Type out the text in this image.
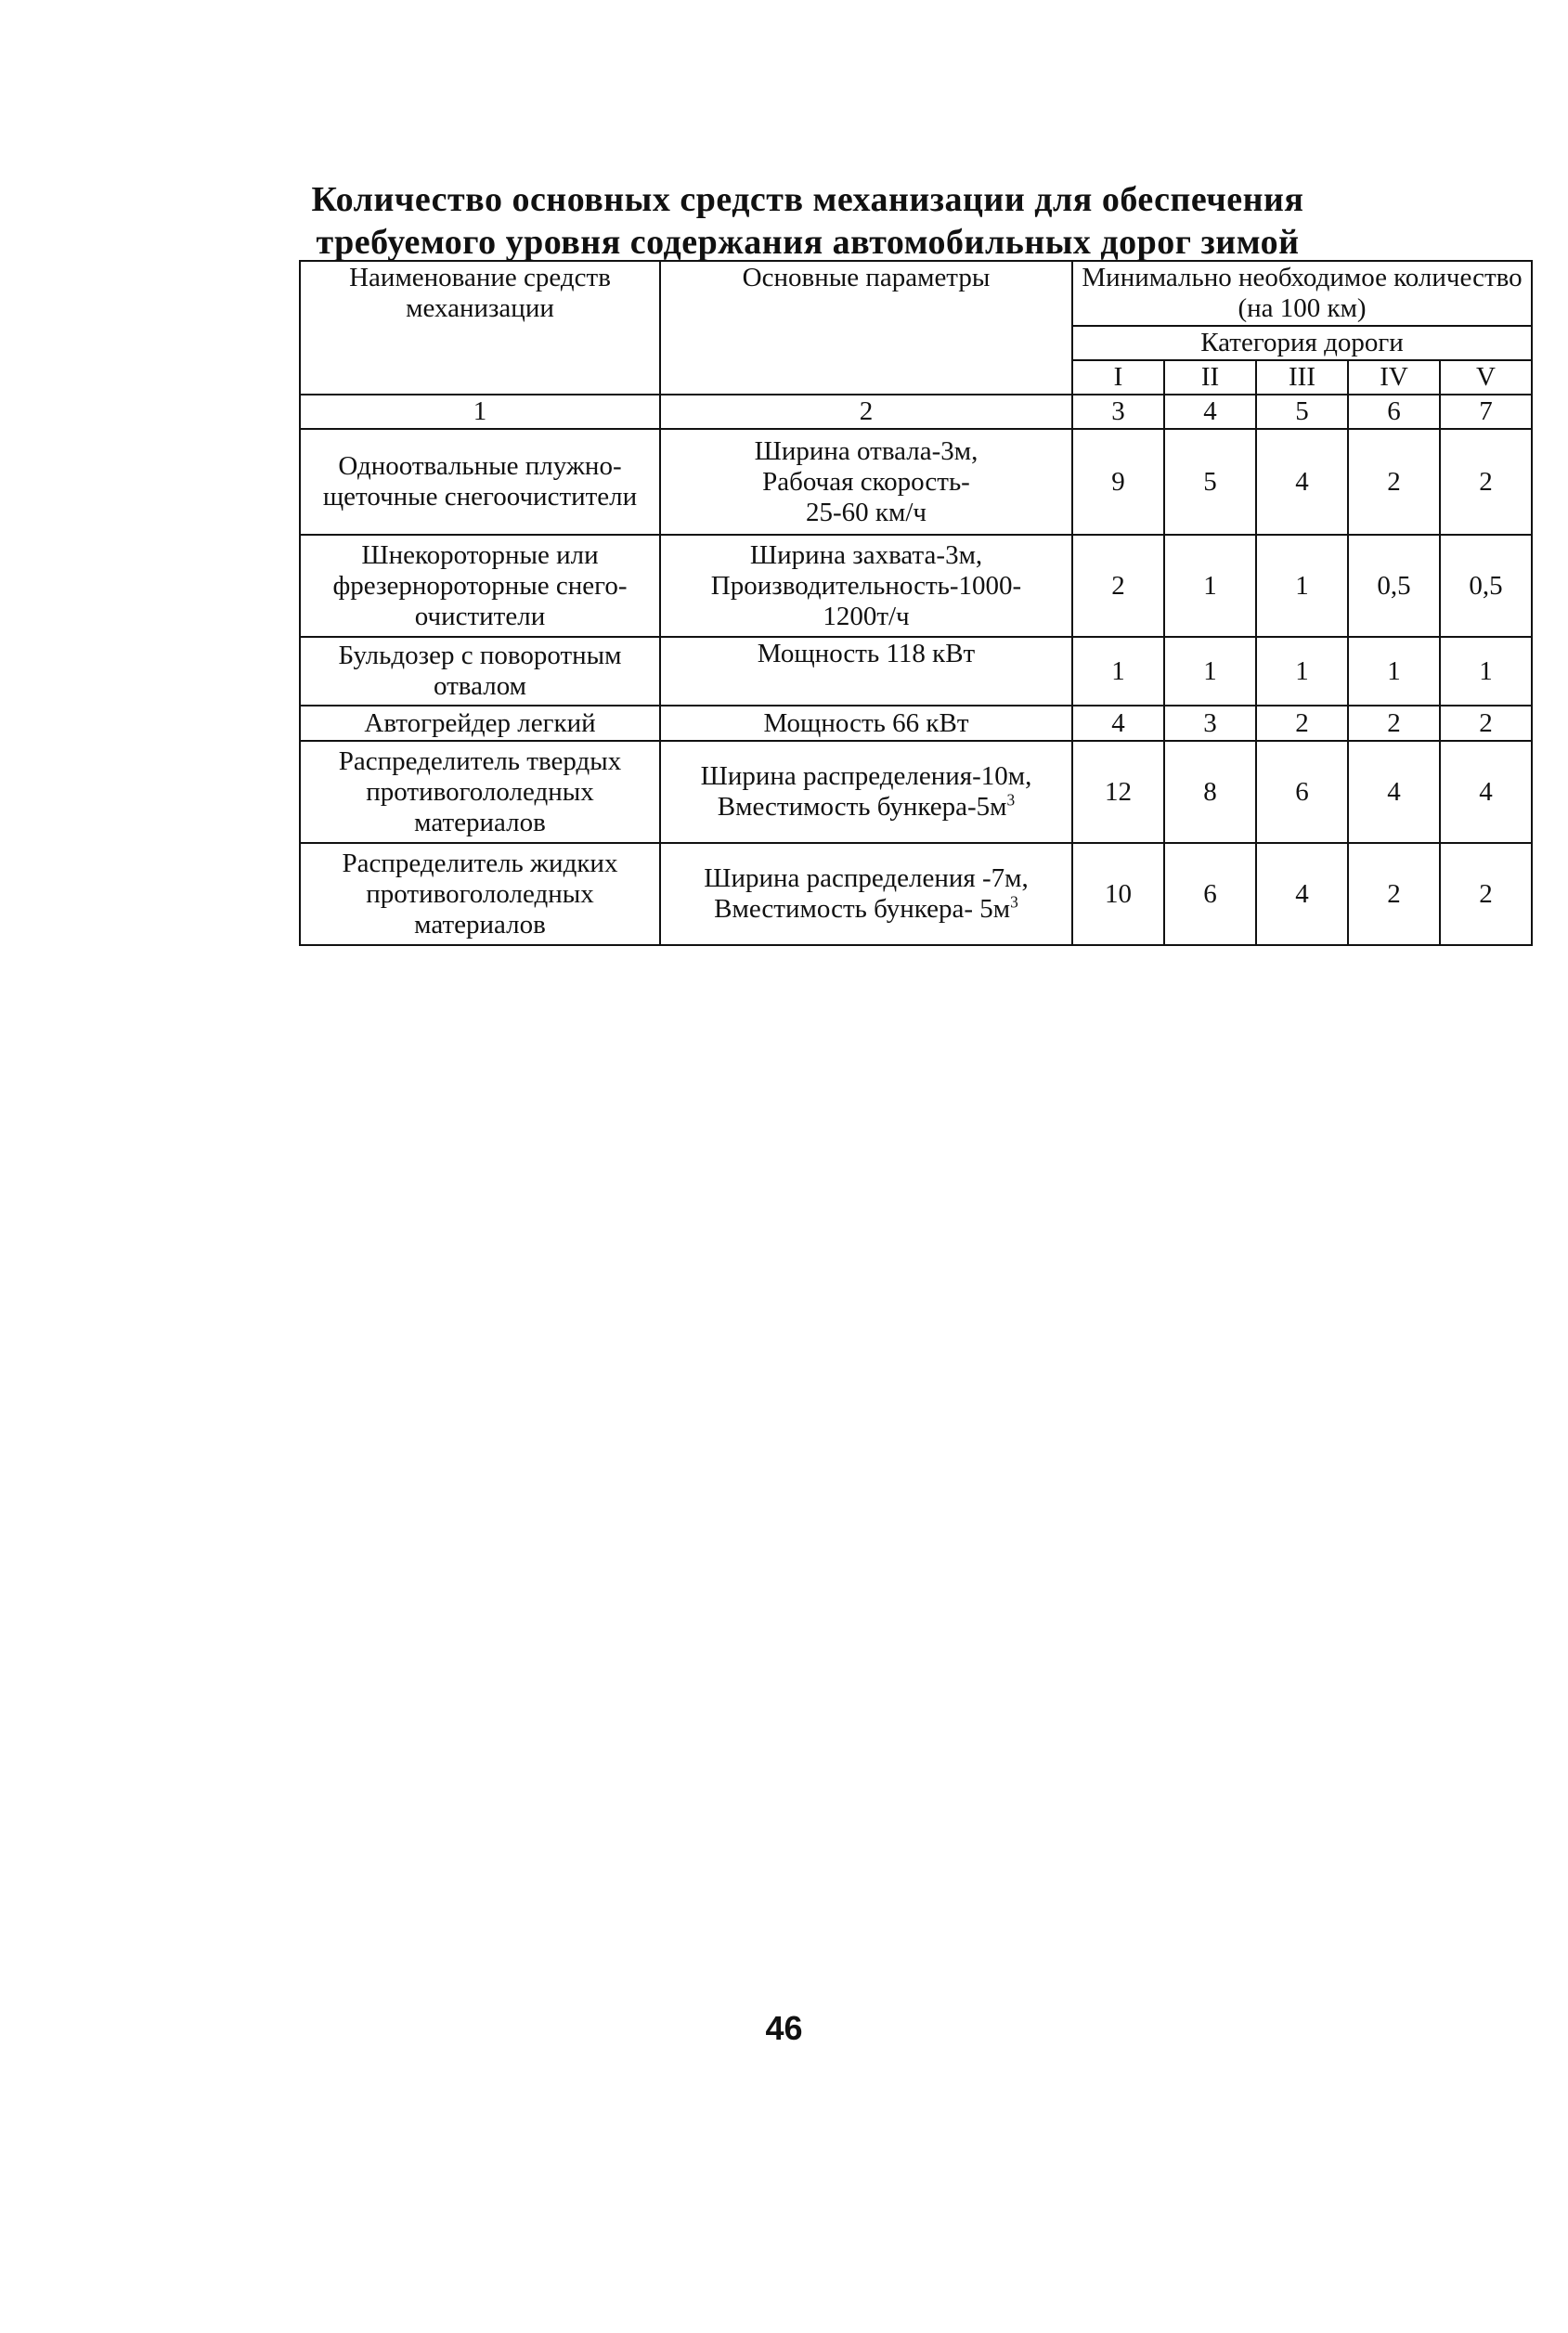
Количество основных средств механизации для обеспечения
требуемого уровня содержания автомобильных дорог зимой
Наименование средств механизации	Основные параметры	Минимально необходимое количество (на 100 км)				
		Категория дороги				
		I	II	III	IV	V
1	2	3	4	5	6	7
Одноотвальные плужно-щеточные снегоочистители	Ширина отвала-3м,
Рабочая скорость-
25-60 км/ч	9	5	4	2	2
Шнекороторные или фрезернороторные снегоочистители	Ширина захвата-3м,
Производительность-1000-
1200т/ч	2	1	1	0,5	0,5
Бульдозер с поворотным отвалом	Мощность 118 кВт	1	1	1	1	1
Автогрейдер легкий	Мощность 66 кВт	4	3	2	2	2
Распределитель твердых противогололедных материалов	Ширина распределения-10м,
Вместимость бункера-$5м^3$	12	8	6	4	4
Распределитель жидких противогололедных материалов	Ширина распределения -7м,
Вместимость бункера- $5м^3$	10	6	4	2	2
46
